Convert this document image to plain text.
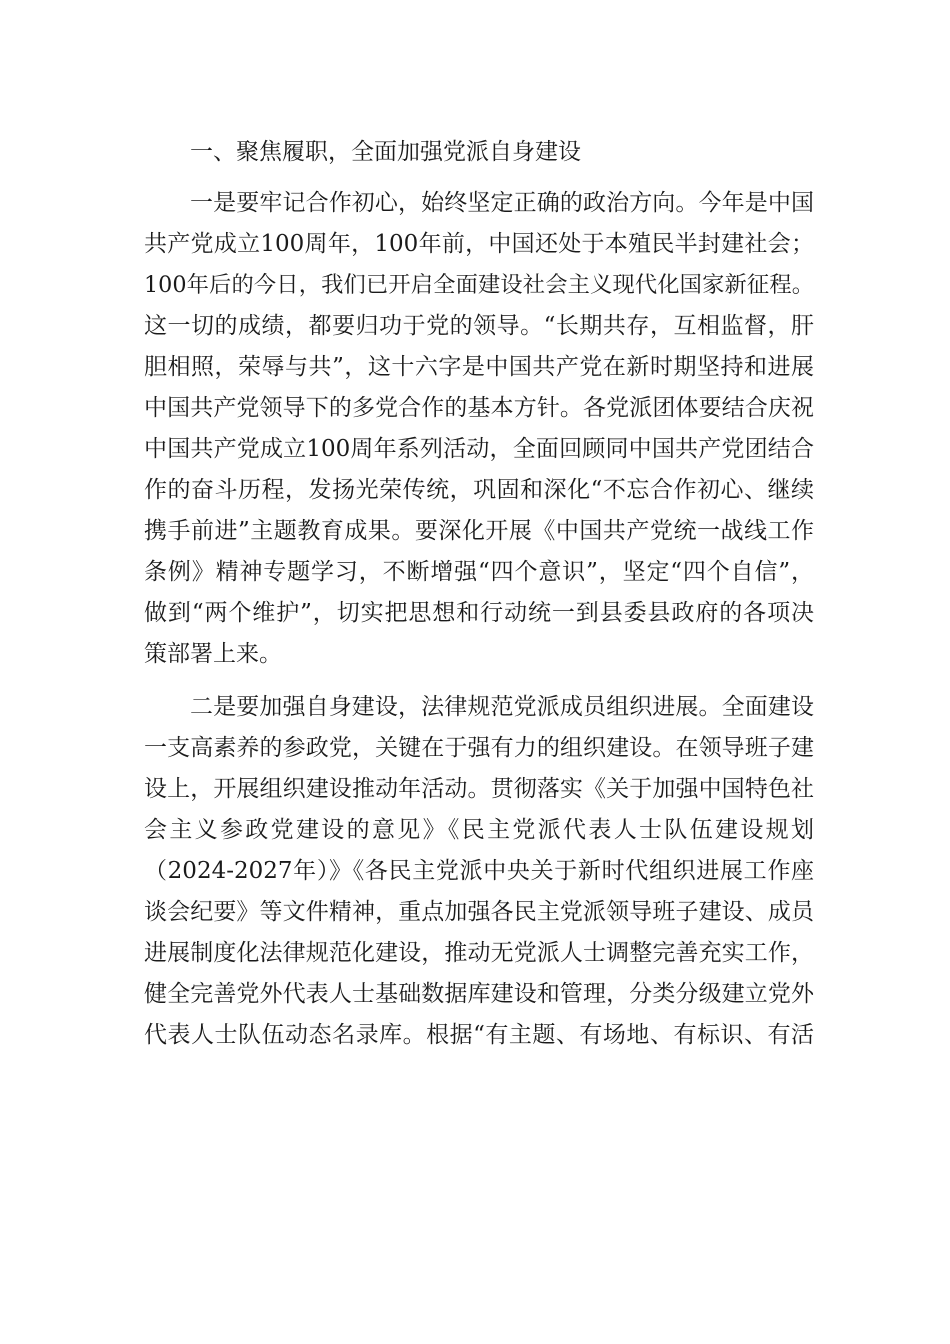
一、聚焦履职，全面加强党派自身建设
一是要牢记合作初心，始终坚定正确的政治方向。今年是中国
共产党成立100周年，100年前，中国还处于本殖民半封建社会；
100年后的今日，我们已开启全面建设社会主义现代化国家新征程。
这一切的成绩，都要归功于党的领导。“长期共存，互相监督，肝
胆相照，荣辱与共”，这十六字是中国共产党在新时期坚持和进展
中国共产党领导下的多党合作的基本方针。各党派团体要结合庆祝
中国共产党成立100周年系列活动，全面回顾同中国共产党团结合
作的奋斗历程，发扬光荣传统，巩固和深化“不忘合作初心、继续
携手前进”主题教育成果。要深化开展《中国共产党统一战线工作
条例》精神专题学习，不断增强“四个意识”，坚定“四个自信”，
做到“两个维护”，切实把思想和行动统一到县委县政府的各项决
策部署上来。
二是要加强自身建设，法律规范党派成员组织进展。全面建设
一支高素养的参政党，关键在于强有力的组织建设。在领导班子建
设上，开展组织建设推动年活动。贯彻落实《关于加强中国特色社
会主义参政党建设的意见》《民主党派代表人士队伍建设规划
（2024-2027年）》《各民主党派中央关于新时代组织进展工作座
谈会纪要》等文件精神，重点加强各民主党派领导班子建设、成员
进展制度化法律规范化建设，推动无党派人士调整完善充实工作，
健全完善党外代表人士基础数据库建设和管理，分类分级建立党外
代表人士队伍动态名录库。根据“有主题、有场地、有标识、有活
